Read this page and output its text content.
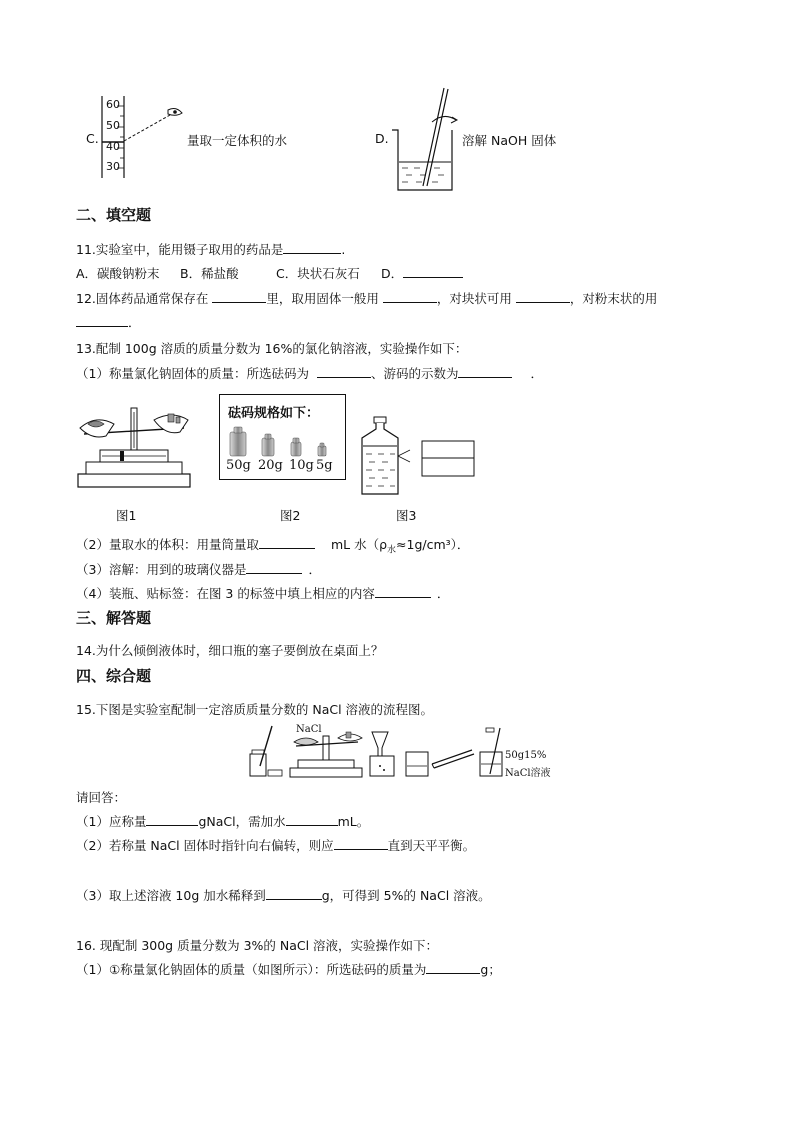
C.
60
50
40
30
量取一定体积的水	D.	溶解 NaOH 固体
二、填空题
11.实验室中，能用镊子取用的药品是	.
A．碳酸钠粉末 B．稀盐酸	C．块状石灰石 D．
12.固体药品通常保存在	里，取用固体一般用	，对块状可用	，对粉末状的用
．
13.配制 100g 溶质的质量分数为 16%的氯化钠溶液，实验操作如下：
（1）称量氯化钠固体的质量：所选砝码为	、游码的示数为	．
砝码规格如下：
50g 20g 10g 5g
图1	图2	图3
（2）量取水的体积：用量筒量取	mL 水$(\rho_水\approx 1g/cm^3)$．
（3）溶解：用到的玻璃仪器是	．
（4）装瓶、贴标签：在图 3 的标签中填上相应的内容	．
三、解答题
14.为什么倾倒液体时，细口瓶的塞子要倒放在桌面上？
四、综合题
15.下图是实验室配制一定溶质质量分数的 NaCl 溶液的流程图。
NaCl
50g15%
NaCl溶液
请回答：
（1）应称量	gNaCl，需加水	mL。
（2）若称量 NaCl 固体时指针向右偏转，则应	直到天平平衡。
（3）取上述溶液 10g 加水稀释到	g，可得到 5%的 NaCl 溶液。
16. 现配制 300g 质量分数为 3%的 NaCl 溶液，实验操作如下：
（1）①称量氯化钠固体的质量（如图所示）：所选砝码的质量为	g；
